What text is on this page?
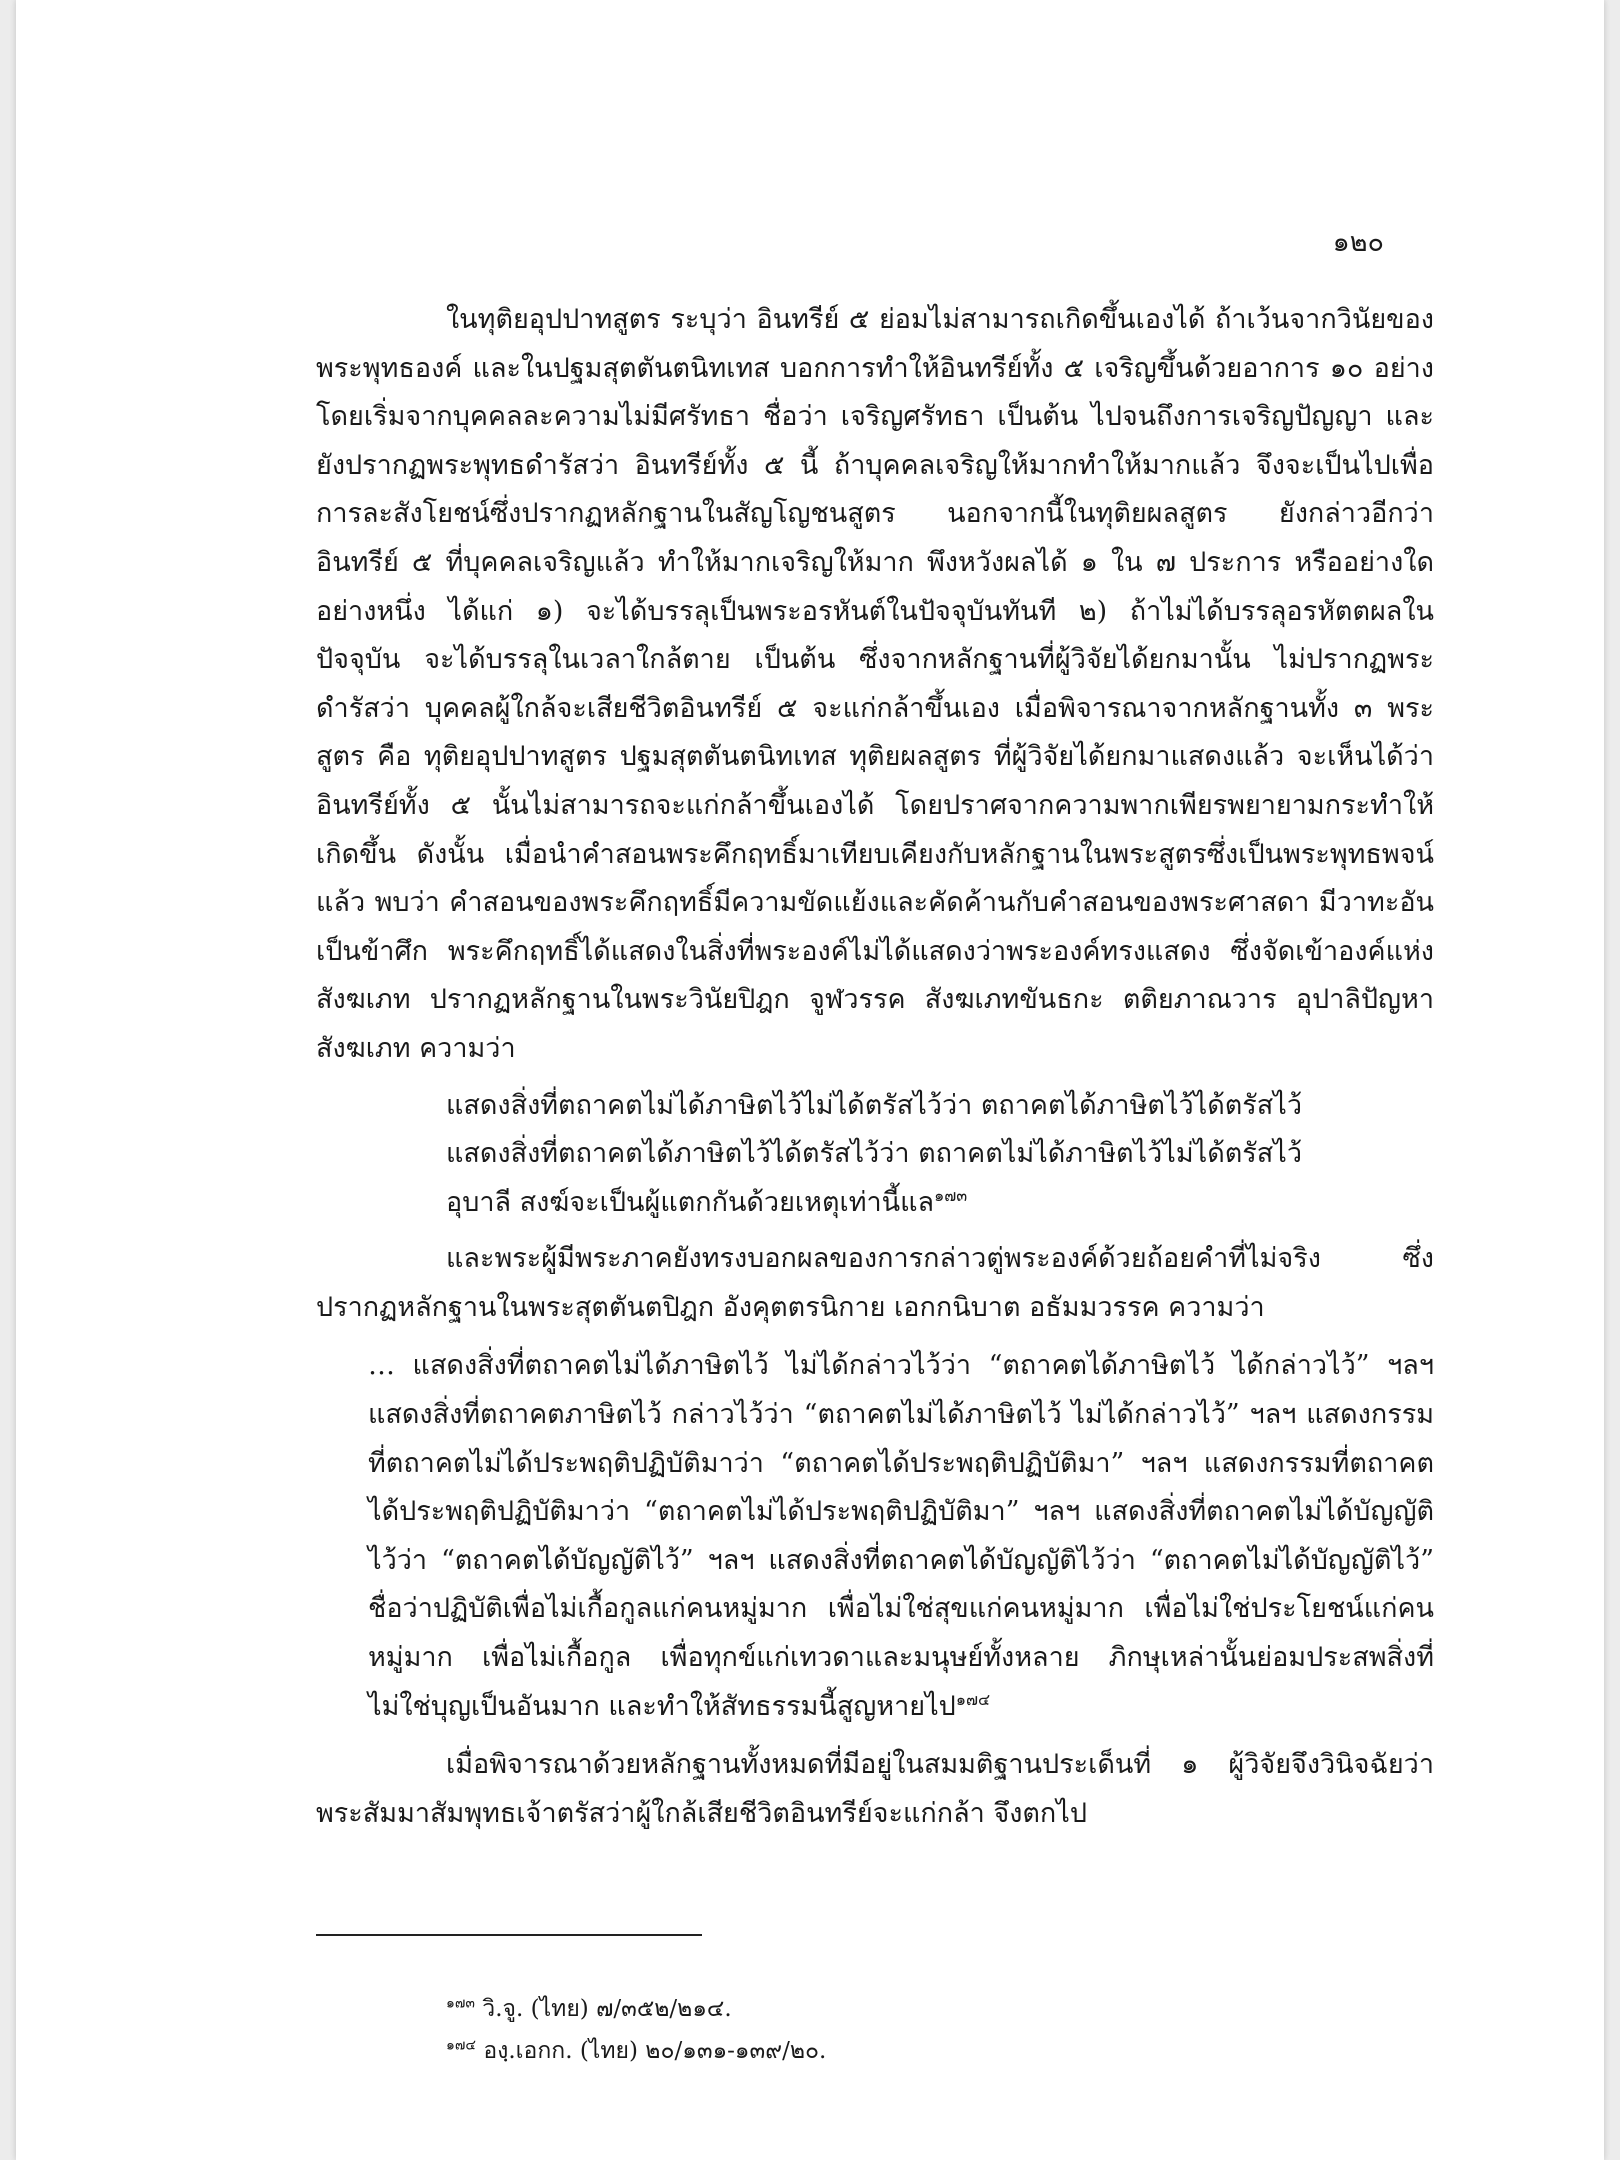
๑๒๐

ในทุติยอุปปาทสูตร ระบุว่า อินทรีย์ ๕ ย่อมไม่สามารถเกิดขึ้นเองได้ ถ้าเว้นจากวินัยของพระพุทธองค์ และในปฐมสุตตันตนิทเทส บอกการทำให้อินทรีย์ทั้ง ๕ เจริญขึ้นด้วยอาการ ๑๐ อย่าง โดยเริ่มจากบุคคลละความไม่มีศรัทธา ชื่อว่า เจริญศรัทธา เป็นต้น ไปจนถึงการเจริญปัญญา และยังปรากฏพระพุทธดำรัสว่า อินทรีย์ทั้ง ๕ นี้ ถ้าบุคคลเจริญให้มากทำให้มากแล้ว จึงจะเป็นไปเพื่อการละสังโยชน์ซึ่งปรากฏหลักฐานในสัญโญชนสูตร นอกจากนี้ในทุติยผลสูตร ยังกล่าวอีกว่า อินทรีย์ ๕ ที่บุคคลเจริญแล้ว ทำให้มากเจริญให้มาก พึงหวังผลได้ ๑ ใน ๗ ประการ หรืออย่างใดอย่างหนึ่ง ได้แก่ ๑) จะได้บรรลุเป็นพระอรหันต์ในปัจจุบันทันที ๒) ถ้าไม่ได้บรรลุอรหัตตผลในปัจจุบัน จะได้บรรลุในเวลาใกล้ตาย เป็นต้น ซึ่งจากหลักฐานที่ผู้วิจัยได้ยกมานั้น ไม่ปรากฏพระดำรัสว่า บุคคลผู้ใกล้จะเสียชีวิตอินทรีย์ ๕ จะแก่กล้าขึ้นเอง เมื่อพิจารณาจากหลักฐานทั้ง ๓ พระสูตร คือ ทุติยอุปปาทสูตร ปฐมสุตตันตนิทเทส ทุติยผลสูตร ที่ผู้วิจัยได้ยกมาแสดงแล้ว จะเห็นได้ว่า อินทรีย์ทั้ง ๕ นั้นไม่สามารถจะแก่กล้าขึ้นเองได้ โดยปราศจากความพากเพียรพยายามกระทำให้เกิดขึ้น ดังนั้น เมื่อนำคำสอนพระคึกฤทธิ์มาเทียบเคียงกับหลักฐานในพระสูตรซึ่งเป็นพระพุทธพจน์แล้ว พบว่า คำสอนของพระคึกฤทธิ์มีความขัดแย้งและคัดค้านกับคำสอนของพระศาสดา มีวาทะอันเป็นข้าศึก พระคึกฤทธิ์ได้แสดงในสิ่งที่พระองค์ไม่ได้แสดงว่าพระองค์ทรงแสดง ซึ่งจัดเข้าองค์แห่งสังฆเภท ปรากฏหลักฐานในพระวินัยปิฎก จูฬวรรค สังฆเภทขันธกะ ตติยภาณวาร อุปาลิปัญหา สังฆเภท ความว่า

แสดงสิ่งที่ตถาคตไม่ได้ภาษิตไว้ไม่ได้ตรัสไว้ว่า ตถาคตได้ภาษิตไว้ได้ตรัสไว้
แสดงสิ่งที่ตถาคตได้ภาษิตไว้ได้ตรัสไว้ว่า ตถาคตไม่ได้ภาษิตไว้ไม่ได้ตรัสไว้
อุบาลี สงฆ์จะเป็นผู้แตกกันด้วยเหตุเท่านี้แล$^{๑๗๓}$

และพระผู้มีพระภาคยังทรงบอกผลของการกล่าวตู่พระองค์ด้วยถ้อยคำที่ไม่จริง ซึ่งปรากฏหลักฐานในพระสุตตันตปิฎก อังคุตตรนิกาย เอกกนิบาต อธัมมวรรค ความว่า

… แสดงสิ่งที่ตถาคตไม่ได้ภาษิตไว้ ไม่ได้กล่าวไว้ว่า “ตถาคตได้ภาษิตไว้ ได้กล่าวไว้” ฯลฯ แสดงสิ่งที่ตถาคตภาษิตไว้ กล่าวไว้ว่า “ตถาคตไม่ได้ภาษิตไว้ ไม่ได้กล่าวไว้” ฯลฯ แสดงกรรมที่ตถาคตไม่ได้ประพฤติปฏิบัติมาว่า “ตถาคตได้ประพฤติปฏิบัติมา” ฯลฯ แสดงกรรมที่ตถาคตได้ประพฤติปฏิบัติมาว่า “ตถาคตไม่ได้ประพฤติปฏิบัติมา” ฯลฯ แสดงสิ่งที่ตถาคตไม่ได้บัญญัติไว้ว่า “ตถาคตได้บัญญัติไว้” ฯลฯ แสดงสิ่งที่ตถาคตได้บัญญัติไว้ว่า “ตถาคตไม่ได้บัญญัติไว้” ชื่อว่าปฏิบัติเพื่อไม่เกื้อกูลแก่คนหมู่มาก เพื่อไม่ใช่สุขแก่คนหมู่มาก เพื่อไม่ใช่ประโยชน์แก่คนหมู่มาก เพื่อไม่เกื้อกูล เพื่อทุกข์แก่เทวดาและมนุษย์ทั้งหลาย ภิกษุเหล่านั้นย่อมประสพสิ่งที่ไม่ใช่บุญเป็นอันมาก และทำให้สัทธรรมนี้สูญหายไป$^{๑๗๔}$

เมื่อพิจารณาด้วยหลักฐานทั้งหมดที่มีอยู่ในสมมติฐานประเด็นที่ ๑ ผู้วิจัยจึงวินิจฉัยว่าพระสัมมาสัมพุทธเจ้าตรัสว่าผู้ใกล้เสียชีวิตอินทรีย์จะแก่กล้า จึงตกไป

$^{๑๗๓}$ วิ.จู. (ไทย) ๗/๓๕๒/๒๑๔.
$^{๑๗๔}$ องฺ.เอกก. (ไทย) ๒๐/๑๓๑-๑๓๙/๒๐.
